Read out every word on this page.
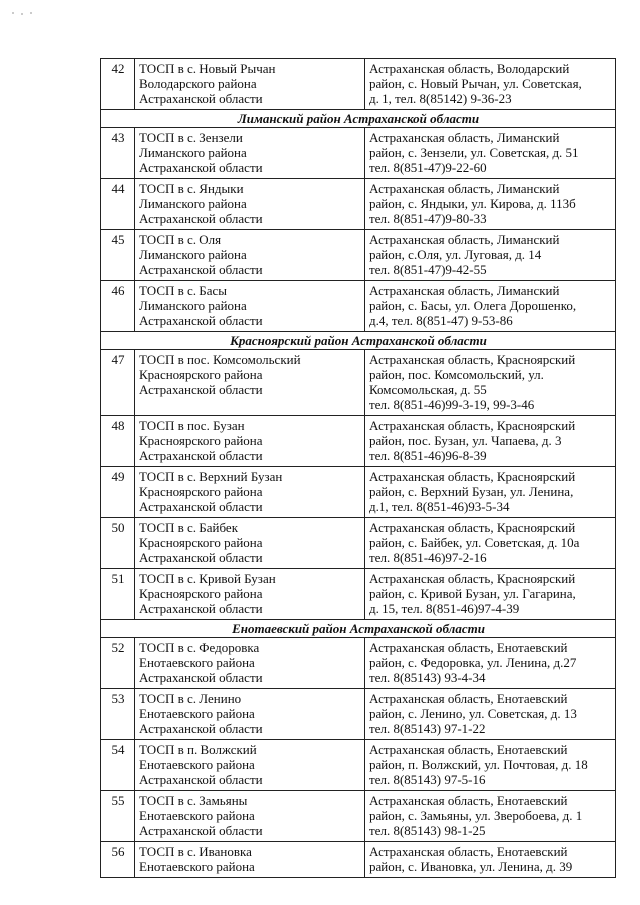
42	ТОСП в с. Новый Рычан
Володарского района
Астраханской области	Астраханская область, Володарский
район, с. Новый Рычан, ул. Советская,
д. 1, тел. 8(85142) 9-36-23

Лиманский район Астраханской области		
43	ТОСП в с. Зензели
Лиманского района
Астраханской области	Астраханская область, Лиманский
район, с. Зензели, ул. Советская, д. 51
тел. 8(851-47)9-22-60

44	ТОСП в с. Яндыки
Лиманского района
Астраханской области	Астраханская область, Лиманский
район, с. Яндыки, ул. Кирова, д. 113б
тел. 8(851-47)9-80-33

45	ТОСП в с. Оля
Лиманского района
Астраханской области	Астраханская область, Лиманский
район, с.Оля, ул. Луговая, д. 14
тел. 8(851-47)9-42-55

46	ТОСП в с. Басы
Лиманского района
Астраханской области	Астраханская область, Лиманский
район, с. Басы, ул. Олега Дорошенко,
д.4, тел. 8(851-47) 9-53-86

Красноярский район Астраханской области		
47	ТОСП в пос. Комсомольский
Красноярского района
Астраханской области	Астраханская область, Красноярский
район, пос. Комсомольский, ул.
Комсомольская, д. 55
тел. 8(851-46)99-3-19, 99-3-46

48	ТОСП в пос. Бузан
Красноярского района
Астраханской области	Астраханская область, Красноярский
район, пос. Бузан, ул. Чапаева, д. 3
тел. 8(851-46)96-8-39

49	ТОСП в с. Верхний Бузан
Красноярского района
Астраханской области	Астраханская область, Красноярский
район, с. Верхний Бузан, ул. Ленина,
д.1, тел. 8(851-46)93-5-34

50	ТОСП в с. Байбек
Красноярского района
Астраханской области	Астраханская область, Красноярский
район, с. Байбек, ул. Советская, д. 10а
тел. 8(851-46)97-2-16

51	ТОСП в с. Кривой Бузан
Красноярского района
Астраханской области	Астраханская область, Красноярский
район, с. Кривой Бузан, ул. Гагарина,
д. 15, тел. 8(851-46)97-4-39

Енотаевский район Астраханской области		
52	ТОСП в с. Федоровка
Енотаевского района
Астраханской области	Астраханская область, Енотаевский
район, с. Федоровка, ул. Ленина, д.27
тел. 8(85143) 93-4-34

53	ТОСП в с. Ленино
Енотаевского района
Астраханской области	Астраханская область, Енотаевский
район, с. Ленино, ул. Советская, д. 13
тел. 8(85143) 97-1-22

54	ТОСП в п. Волжский
Енотаевского района
Астраханской области	Астраханская область, Енотаевский
район, п. Волжский, ул. Почтовая, д. 18
тел. 8(85143) 97-5-16

55	ТОСП в с. Замьяны
Енотаевского района
Астраханской области	Астраханская область, Енотаевский
район, с. Замьяны, ул. Зверобоева, д. 1
тел. 8(85143) 98-1-25

56	ТОСП в с. Ивановка
Енотаевского района	Астраханская область, Енотаевский
район, с. Ивановка, ул. Ленина, д. 39
